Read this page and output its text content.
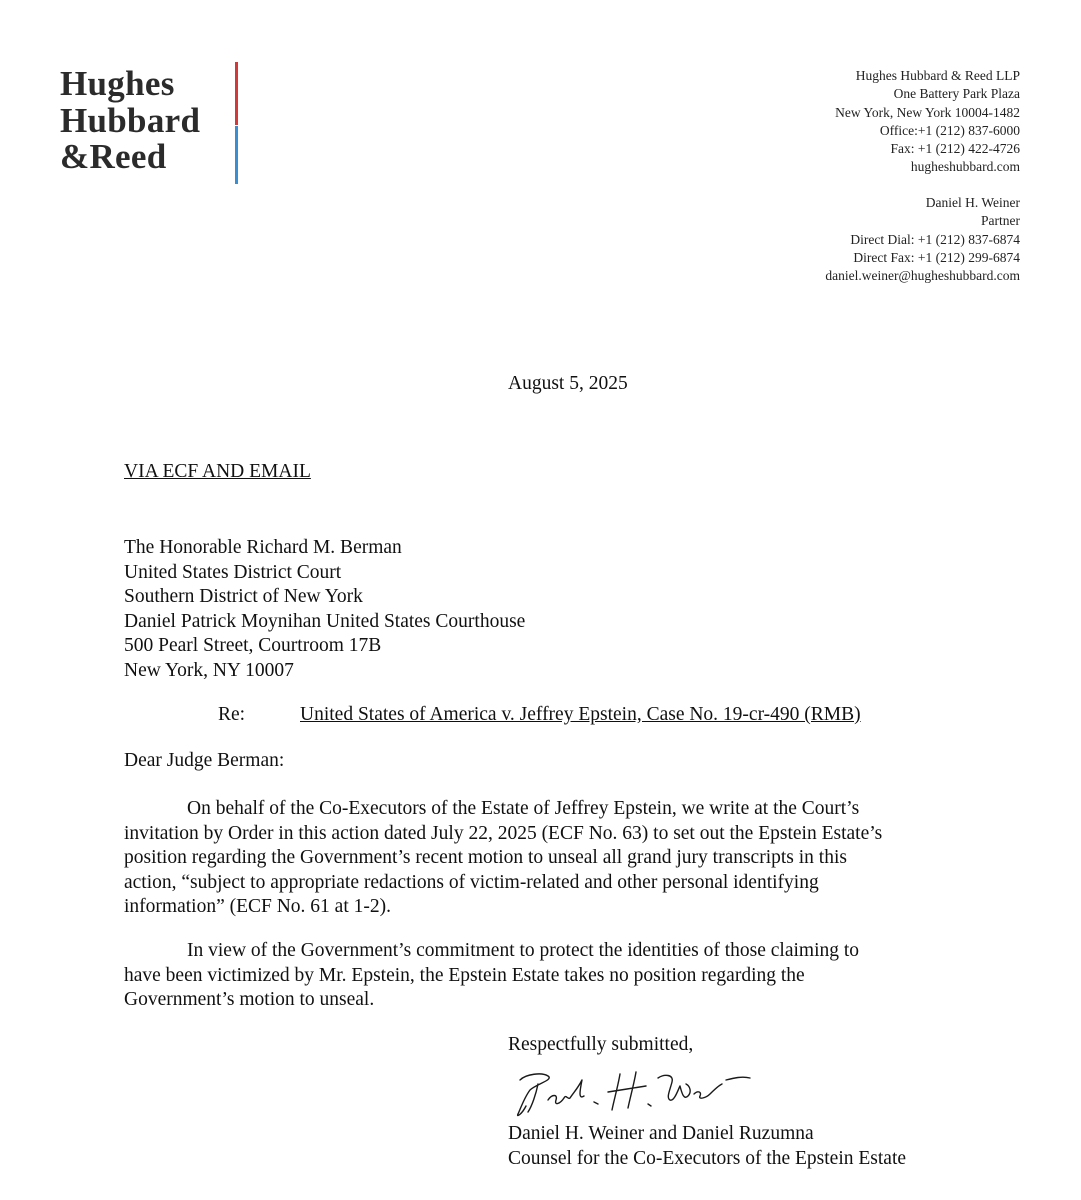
Hughes
Hubbard
&Reed
Hughes Hubbard & Reed LLP
One Battery Park Plaza
New York, New York 10004-1482
Office:+1 (212) 837-6000
Fax: +1 (212) 422-4726
hugheshubbard.com
Daniel H. Weiner
Partner
Direct Dial: +1 (212) 837-6874
Direct Fax: +1 (212) 299-6874
daniel.weiner@hugheshubbard.com
August 5, 2025
VIA ECF AND EMAIL
The Honorable Richard M. Berman
United States District Court
Southern District of New York
Daniel Patrick Moynihan United States Courthouse
500 Pearl Street, Courtroom 17B
New York, NY 10007
Re:	United States of America v. Jeffrey Epstein, Case No. 19-cr-490 (RMB)
Dear Judge Berman:
On behalf of the Co-Executors of the Estate of Jeffrey Epstein, we write at the Court’s
invitation by Order in this action dated July 22, 2025 (ECF No. 63) to set out the Epstein Estate’s
position regarding the Government’s recent motion to unseal all grand jury transcripts in this
action, “subject to appropriate redactions of victim-related and other personal identifying
information” (ECF No. 61 at 1-2).
In view of the Government’s commitment to protect the identities of those claiming to
have been victimized by Mr. Epstein, the Epstein Estate takes no position regarding the
Government’s motion to unseal.
Respectfully submitted,
Daniel H. Weiner and Daniel Ruzumna
Counsel for the Co-Executors of the Epstein Estate
